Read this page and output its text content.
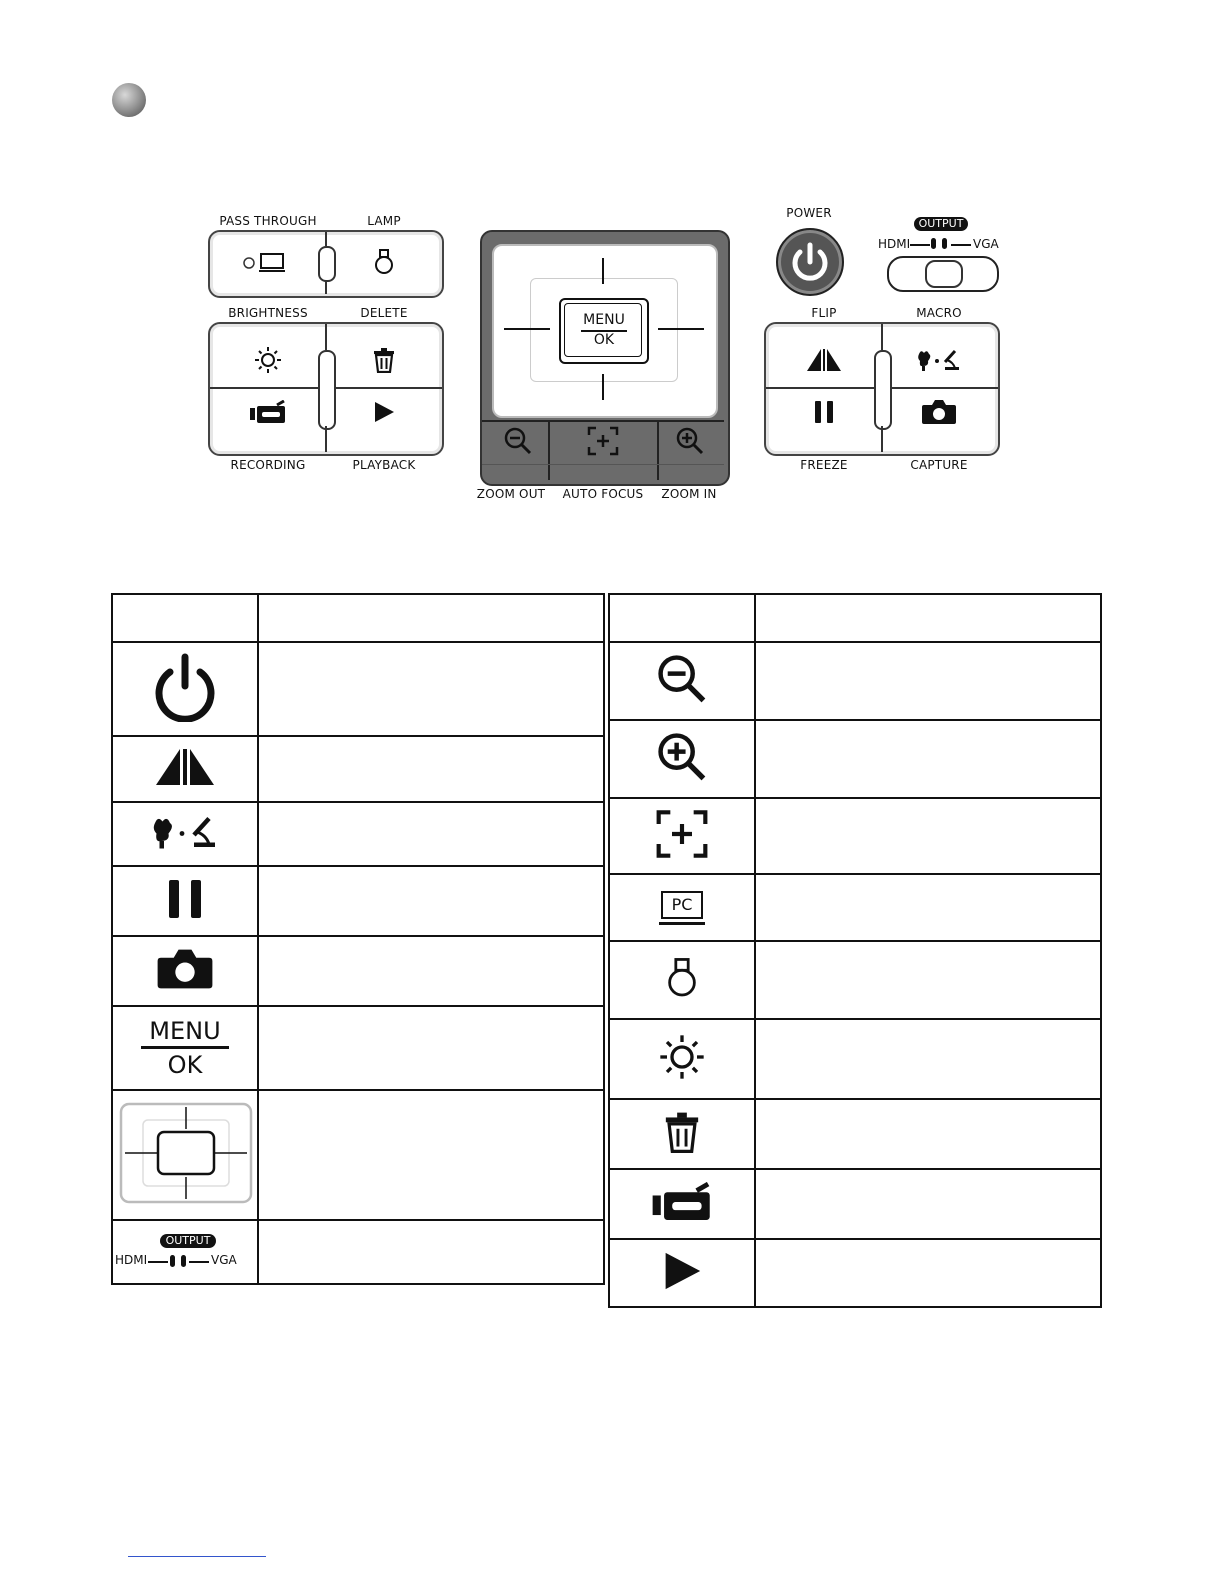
PASS THROUGH	LAMP
BRIGHTNESS	DELETE
RECORDING	PLAYBACK
MENU
OK
ZOOM OUT AUTO FOCUS ZOOM IN
POWER
OUTPUT
HDMI	VGA
FLIP	MACRO
FREEZE	CAPTURE

MENU
OK	

OUTPUT
HDMI VGA	

PC	
